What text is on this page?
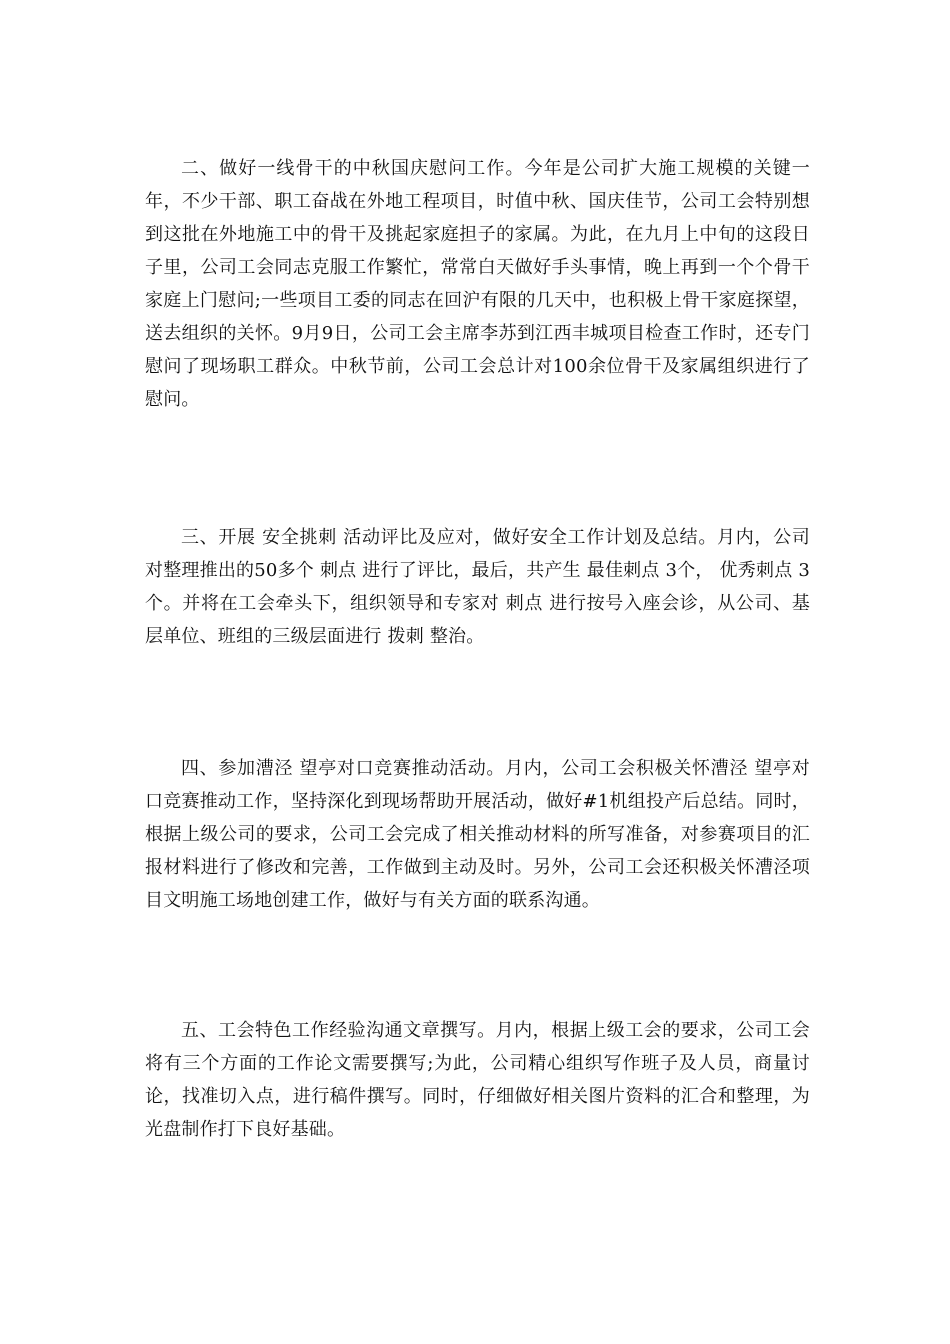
二、做好一线骨干的中秋国庆慰问工作。今年是公司扩大施工规模的关键一年，不少干部、职工奋战在外地工程项目，时值中秋、国庆佳节，公司工会特别想到这批在外地施工中的骨干及挑起家庭担子的家属。为此，在九月上中旬的这段日子里，公司工会同志克服工作繁忙，常常白天做好手头事情，晚上再到一个个骨干家庭上门慰问;一些项目工委的同志在回沪有限的几天中，也积极上骨干家庭探望，送去组织的关怀。9月9日，公司工会主席李苏到江西丰城项目检查工作时，还专门慰问了现场职工群众。中秋节前，公司工会总计对100余位骨干及家属组织进行了慰问。

三、开展 安全挑刺 活动评比及应对，做好安全工作计划及总结。月内，公司对整理推出的50多个 刺点 进行了评比，最后，共产生 最佳刺点 3个， 优秀刺点 3个。并将在工会牵头下，组织领导和专家对 刺点 进行按号入座会诊，从公司、基层单位、班组的三级层面进行 拨刺 整治。

四、参加漕泾 望亭对口竞赛推动活动。月内，公司工会积极关怀漕泾 望亭对口竞赛推动工作，坚持深化到现场帮助开展活动，做好#1机组投产后总结。同时，根据上级公司的要求，公司工会完成了相关推动材料的所写准备，对参赛项目的汇报材料进行了修改和完善，工作做到主动及时。另外，公司工会还积极关怀漕泾项目文明施工场地创建工作，做好与有关方面的联系沟通。

五、工会特色工作经验沟通文章撰写。月内，根据上级工会的要求，公司工会将有三个方面的工作论文需要撰写;为此，公司精心组织写作班子及人员，商量讨论，找准切入点，进行稿件撰写。同时，仔细做好相关图片资料的汇合和整理，为光盘制作打下良好基础。
